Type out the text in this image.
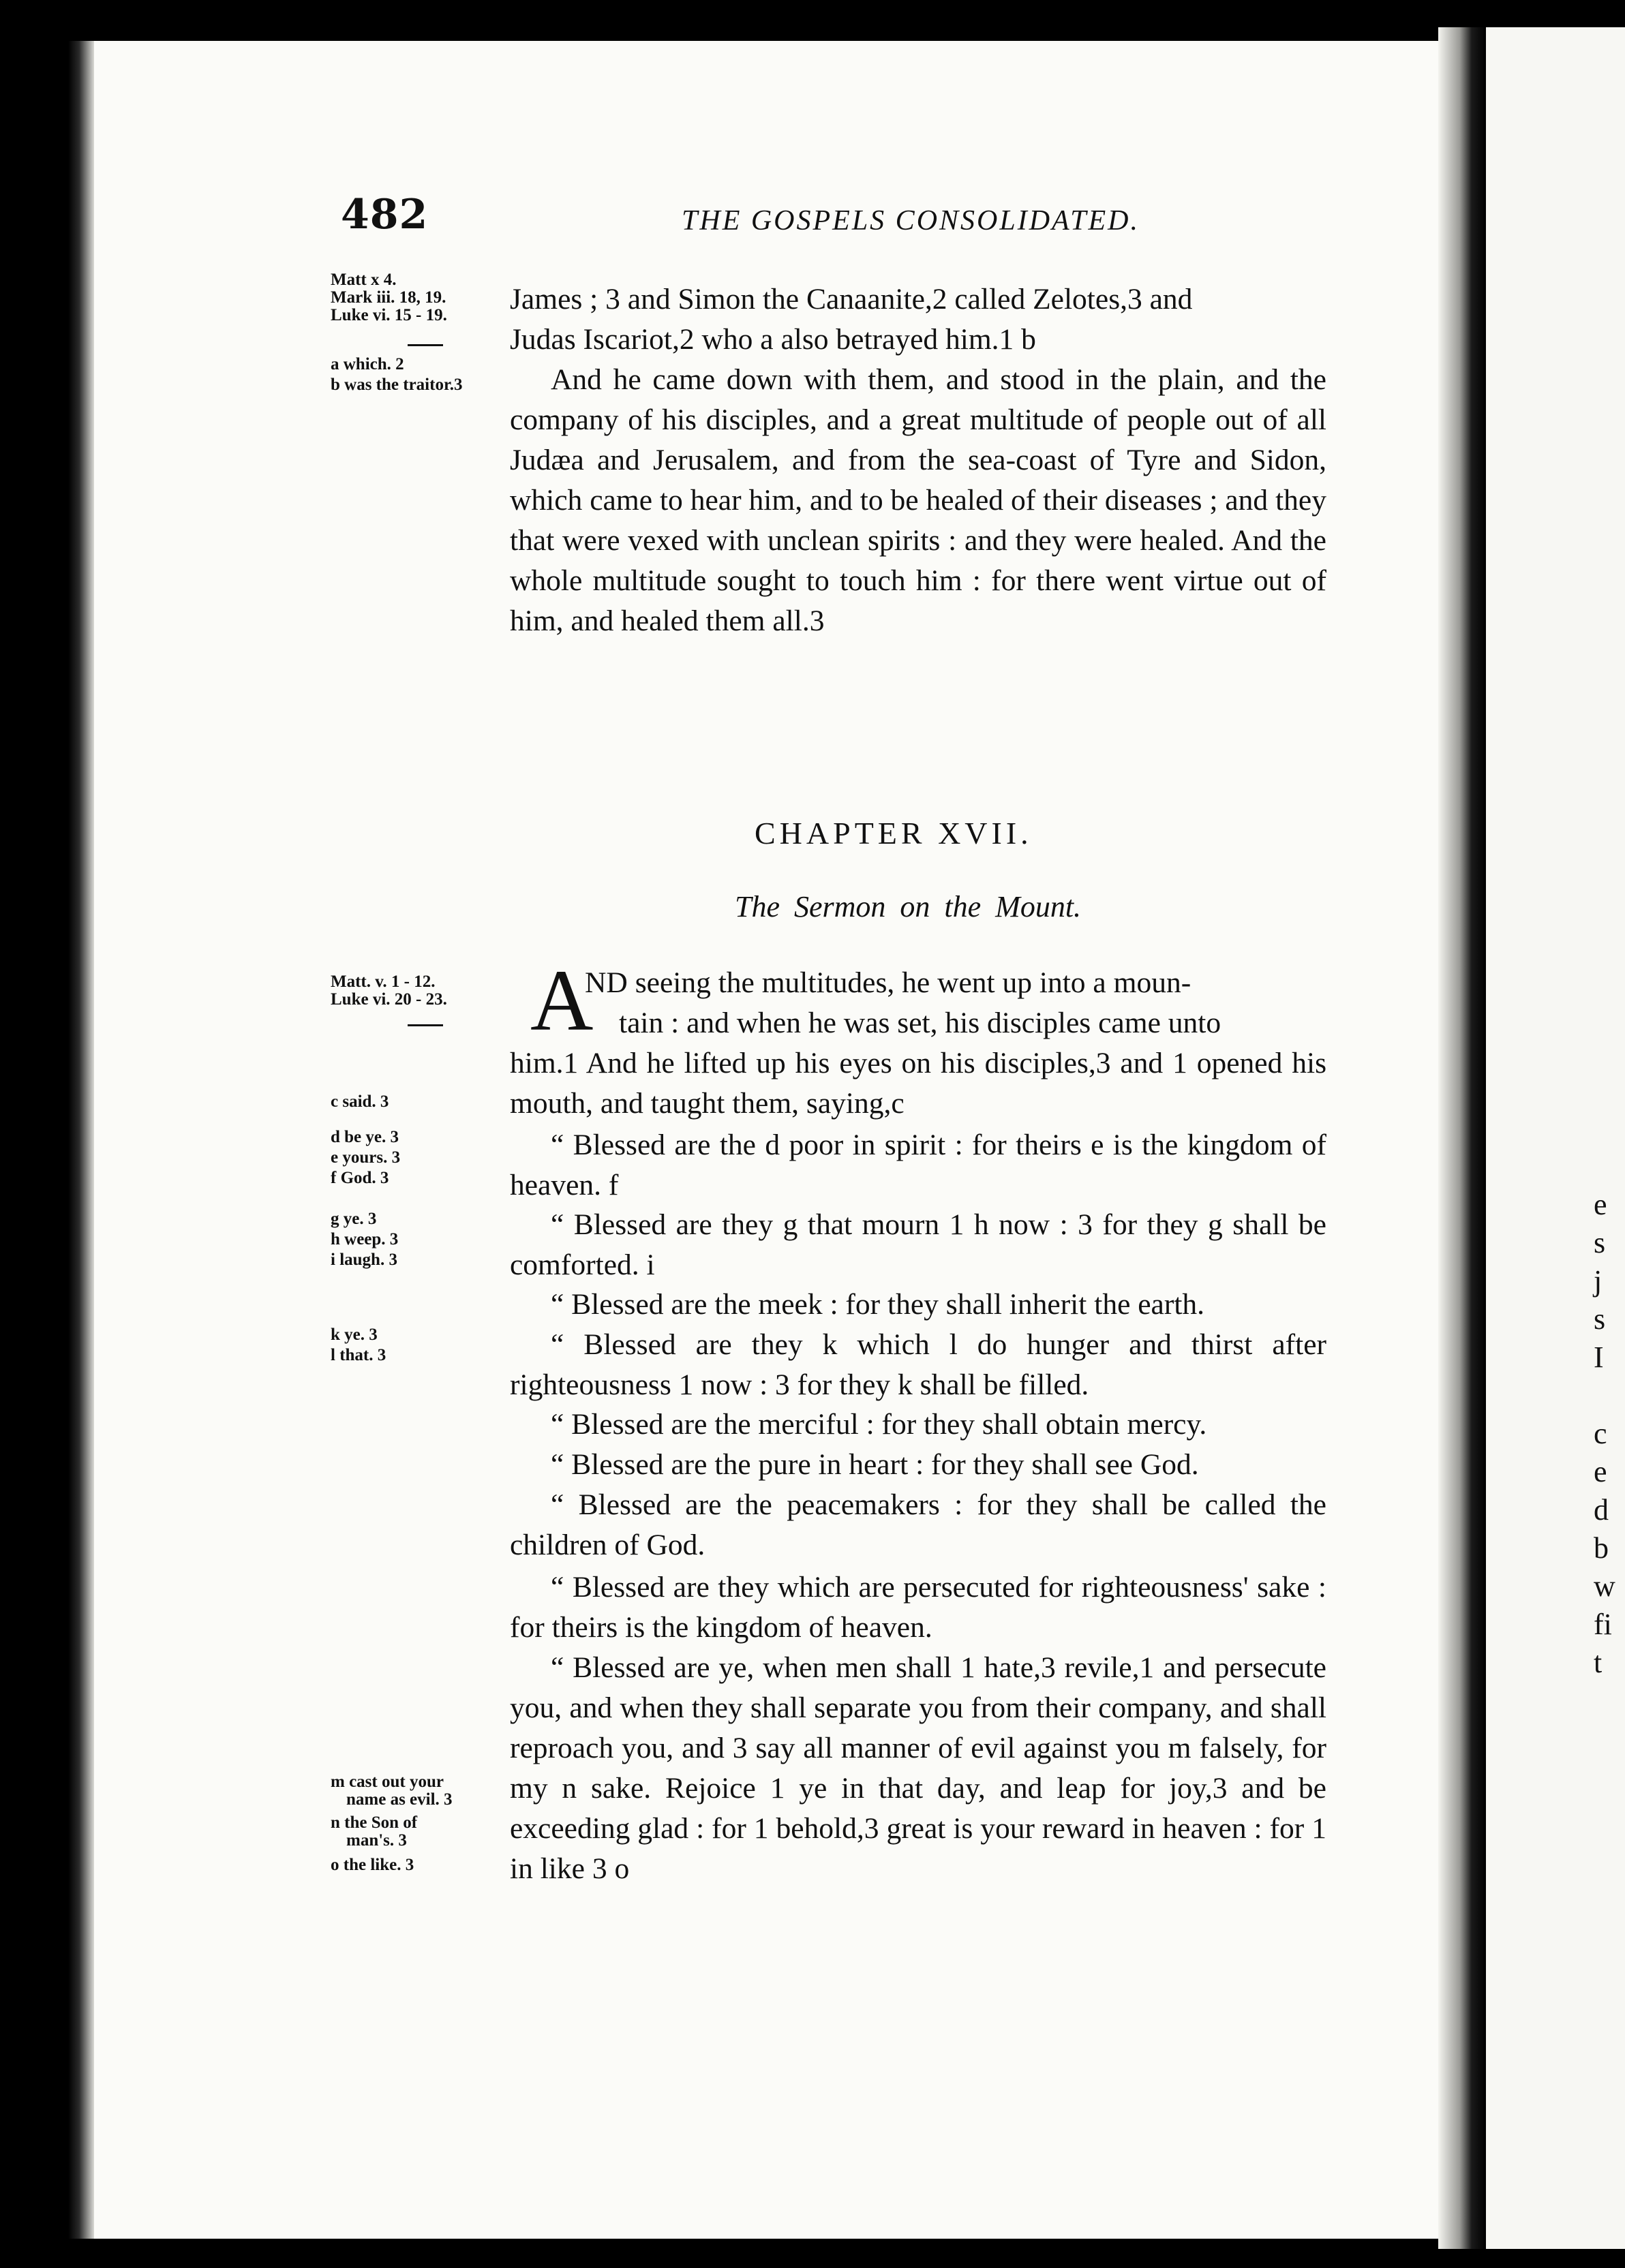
e
s
j
s
I
c
e
d
b
w
fi
t
482	THE GOSPELS CONSOLIDATED.
Matt x 4.
Mark iii. 18, 19.
Luke vi. 15 - 19.
a which. 2
b was the traitor.3
James ; 3 and Simon the Canaanite,2 called Zelotes,3 and
Judas Iscariot,2 who a also betrayed him.1 b
And he came down with them, and stood in the plain, and the company of his disciples, and a great multitude of people out of all Judæa and Jerusalem, and from the sea-coast of Tyre and Sidon, which came to hear him, and to be healed of their diseases ; and they that were vexed with unclean spirits : and they were healed. And the whole multitude sought to touch him : for there went virtue out of him, and healed them all.3
CHAPTER XVII.
The Sermon on the Mount.
Matt. v. 1 - 12.
Luke vi. 20 - 23.
c said. 3
d be ye. 3
e yours. 3
f God. 3
g ye. 3
h weep. 3
i laugh. 3
k ye. 3
l that. 3
m cast out your
name as evil. 3
n the Son of
man's. 3
o the like. 3
A
ND seeing the multitudes, he went up into a moun-
tain : and when he was set, his disciples came unto
him.1 And he lifted up his eyes on his disciples,3 and 1 opened his mouth, and taught them, saying,c
“ Blessed are the d poor in spirit : for theirs e is the kingdom of heaven. f
“ Blessed are they g that mourn 1 h now : 3 for they g shall be comforted. i
“ Blessed are the meek : for they shall inherit the earth.
“ Blessed are they k which l do hunger and thirst after righteousness 1 now : 3 for they k shall be filled.
“ Blessed are the merciful : for they shall obtain mercy.
“ Blessed are the pure in heart : for they shall see God.
“ Blessed are the peacemakers : for they shall be called the children of God.
“ Blessed are they which are persecuted for righteousness' sake : for theirs is the kingdom of heaven.
“ Blessed are ye, when men shall 1 hate,3 revile,1 and persecute you, and when they shall separate you from their company, and shall reproach you, and 3 say all manner of evil against you m falsely, for my n sake. Rejoice 1 ye in that day, and leap for joy,3 and be exceeding glad : for 1 behold,3 great is your reward in heaven : for 1 in like 3 o
